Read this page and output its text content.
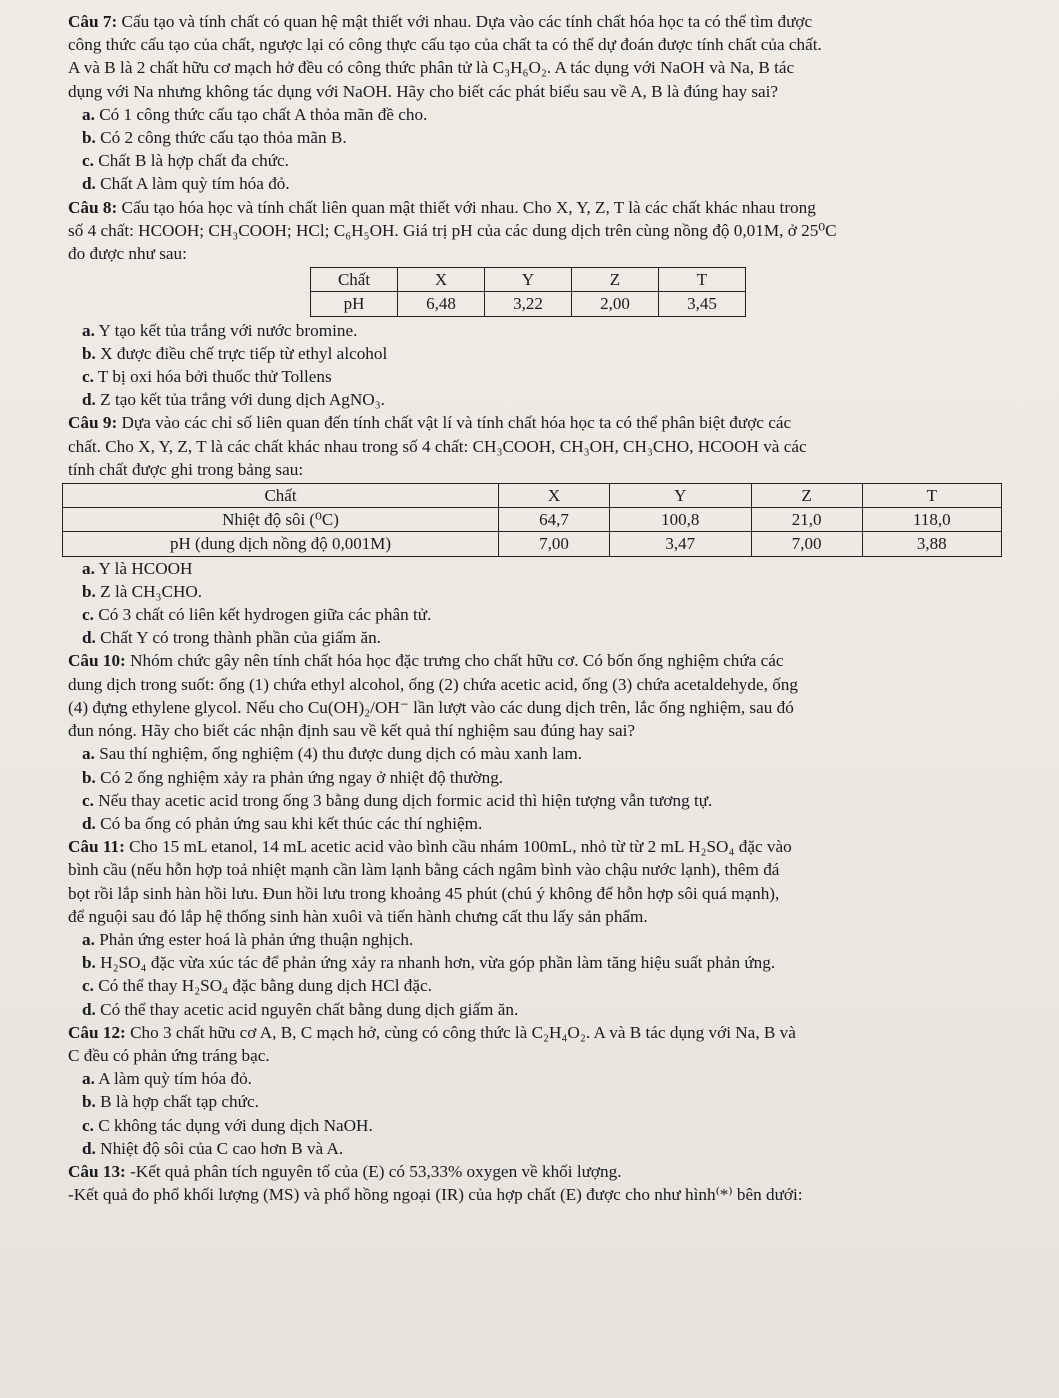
Câu 7: Cấu tạo và tính chất có quan hệ mật thiết với nhau. Dựa vào các tính chất hóa học ta có thể tìm được

công thức cấu tạo của chất, ngược lại có công thực cấu tạo của chất ta có thể dự đoán được tính chất của chất.

A và B là 2 chất hữu cơ mạch hở đều có công thức phân tử là C₃H₆O₂. A tác dụng với NaOH và Na, B tác

dụng với Na nhưng không tác dụng với NaOH. Hãy cho biết các phát biểu sau về A, B là đúng hay sai?

a. Có 1 công thức cấu tạo chất A thỏa mãn đề cho.

b. Có 2 công thức cấu tạo thỏa mãn B.

c. Chất B là hợp chất đa chức.

d. Chất A làm quỳ tím hóa đỏ.

Câu 8: Cấu tạo hóa học và tính chất liên quan mật thiết với nhau. Cho X, Y, Z, T là các chất khác nhau trong

số 4 chất: HCOOH; CH₃COOH; HCl; C₆H₅OH. Giá trị pH của các dung dịch trên cùng nồng độ 0,01M, ở 25⁰C

đo được như sau:

Chất	X	Y	Z	T
pH	6,48	3,22	2,00	3,45

a. Y tạo kết tủa trắng với nước bromine.

b. X được điều chế trực tiếp từ ethyl alcohol

c. T bị oxi hóa bởi thuốc thử Tollens

d. Z tạo kết tủa trắng với dung dịch AgNO₃.

Câu 9: Dựa vào các chỉ số liên quan đến tính chất vật lí và tính chất hóa học ta có thể phân biệt được các

chất. Cho X, Y, Z, T là các chất khác nhau trong số 4 chất: CH₃COOH, CH₃OH, CH₃CHO, HCOOH và các

tính chất được ghi trong bảng sau:

Chất	X	Y	Z	T
Nhiệt độ sôi (⁰C)	64,7	100,8	21,0	118,0
pH (dung dịch nồng độ 0,001M)	7,00	3,47	7,00	3,88

a. Y là HCOOH

b. Z là CH₃CHO.

c. Có 3 chất có liên kết hydrogen giữa các phân tử.

d. Chất Y có trong thành phần của giấm ăn.

Câu 10: Nhóm chức gây nên tính chất hóa học đặc trưng cho chất hữu cơ. Có bốn ống nghiệm chứa các

dung dịch trong suốt: ống (1) chứa ethyl alcohol, ống (2) chứa acetic acid, ống (3) chứa acetaldehyde, ống

(4) đựng ethylene glycol. Nếu cho Cu(OH)₂/OH⁻ lần lượt vào các dung dịch trên, lắc ống nghiệm, sau đó

đun nóng. Hãy cho biết các nhận định sau về kết quả thí nghiệm sau đúng hay sai?

a. Sau thí nghiệm, ống nghiệm (4) thu được dung dịch có màu xanh lam.

b. Có 2 ống nghiệm xảy ra phản ứng ngay ở nhiệt độ thường.

c. Nếu thay acetic acid trong ống 3 bằng dung dịch formic acid thì hiện tượng vẫn tương tự.

d. Có ba ống có phản ứng sau khi kết thúc các thí nghiệm.

Câu 11: Cho 15 mL etanol, 14 mL acetic acid vào bình cầu nhám 100mL, nhỏ từ từ 2 mL H₂SO₄ đặc vào

bình cầu (nếu hỗn hợp toả nhiệt mạnh cần làm lạnh bằng cách ngâm bình vào chậu nước lạnh), thêm đá

bọt rồi lắp sinh hàn hồi lưu. Đun hồi lưu trong khoảng 45 phút (chú ý không để hỗn hợp sôi quá mạnh),

để nguội sau đó lắp hệ thống sinh hàn xuôi và tiến hành chưng cất thu lấy sản phẩm.

a. Phản ứng ester hoá là phản ứng thuận nghịch.

b. H₂SO₄ đặc vừa xúc tác để phản ứng xảy ra nhanh hơn, vừa góp phần làm tăng hiệu suất phản ứng.

c. Có thể thay H₂SO₄ đặc bằng dung dịch HCl đặc.

d. Có thể thay acetic acid nguyên chất bằng dung dịch giấm ăn.

Câu 12: Cho 3 chất hữu cơ A, B, C mạch hở, cùng có công thức là C₂H₄O₂. A và B tác dụng với Na, B và

C đều có phản ứng tráng bạc.

a. A làm quỳ tím hóa đỏ.

b. B là hợp chất tạp chức.

c. C không tác dụng với dung dịch NaOH.

d. Nhiệt độ sôi của C cao hơn B và A.

Câu 13: -Kết quả phân tích nguyên tố của (E) có 53,33% oxygen về khối lượng.

-Kết quả đo phổ khối lượng (MS) và phổ hồng ngoại (IR) của hợp chất (E) được cho như hình⁽*⁾ bên dưới:
